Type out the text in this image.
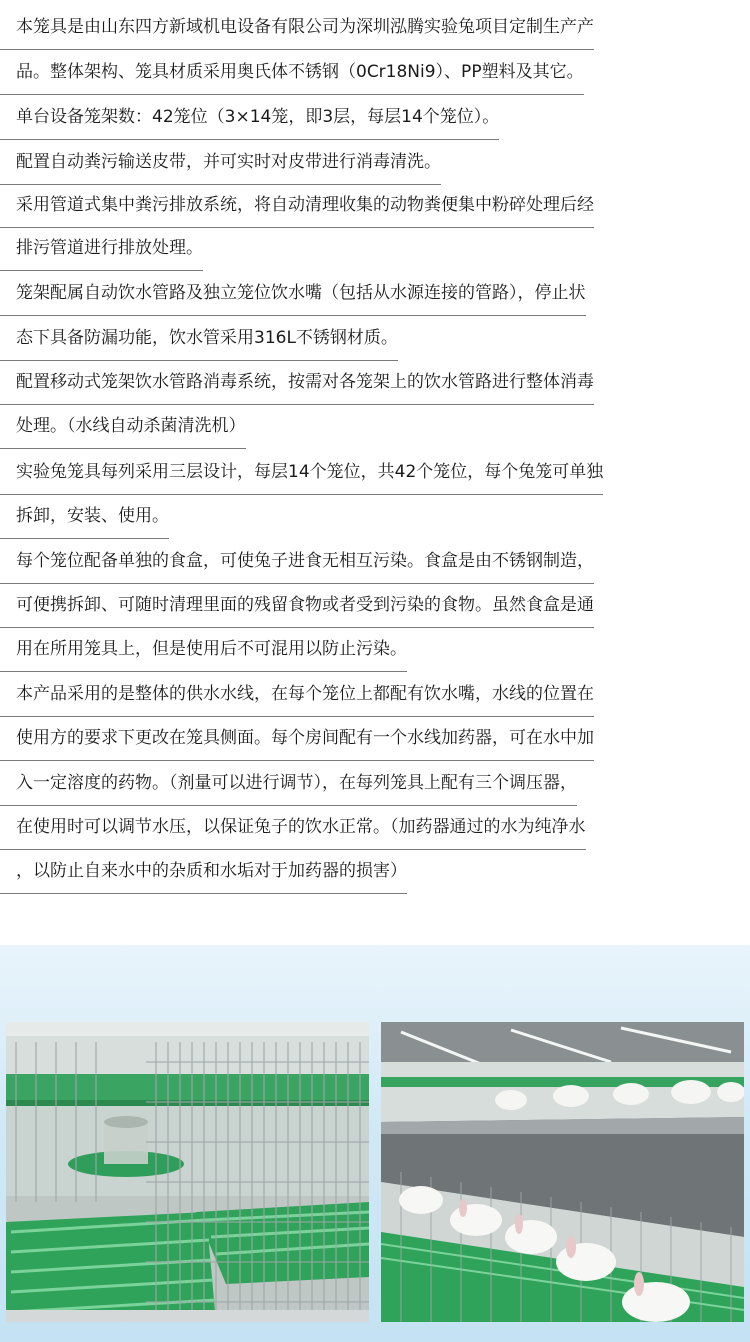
本笼具是由山东四方新域机电设备有限公司为深圳泓腾实验兔项目定制生产产
品。整体架构、笼具材质采用奥氏体不锈钢（0Cr18Ni9）、PP塑料及其它。
单台设备笼架数：42笼位（3×14笼，即3层，每层14个笼位）。
配置自动粪污输送皮带，并可实时对皮带进行消毒清洗。
采用管道式集中粪污排放系统，将自动清理收集的动物粪便集中粉碎处理后经
排污管道进行排放处理。
笼架配属自动饮水管路及独立笼位饮水嘴（包括从水源连接的管路），停止状
态下具备防漏功能，饮水管采用316L不锈钢材质。
配置移动式笼架饮水管路消毒系统，按需对各笼架上的饮水管路进行整体消毒
处理。（水线自动杀菌清洗机）
实验兔笼具每列采用三层设计，每层14个笼位，共42个笼位，每个兔笼可单独
拆卸，安装、使用。
每个笼位配备单独的食盒，可使兔子进食无相互污染。食盒是由不锈钢制造，
可便携拆卸、可随时清理里面的残留食物或者受到污染的食物。虽然食盒是通
用在所用笼具上，但是使用后不可混用以防止污染。
本产品采用的是整体的供水水线，在每个笼位上都配有饮水嘴，水线的位置在
使用方的要求下更改在笼具侧面。每个房间配有一个水线加药器，可在水中加
入一定溶度的药物。（剂量可以进行调节），在每列笼具上配有三个调压器，
在使用时可以调节水压，以保证兔子的饮水正常。（加药器通过的水为纯净水
，以防止自来水中的杂质和水垢对于加药器的损害）
